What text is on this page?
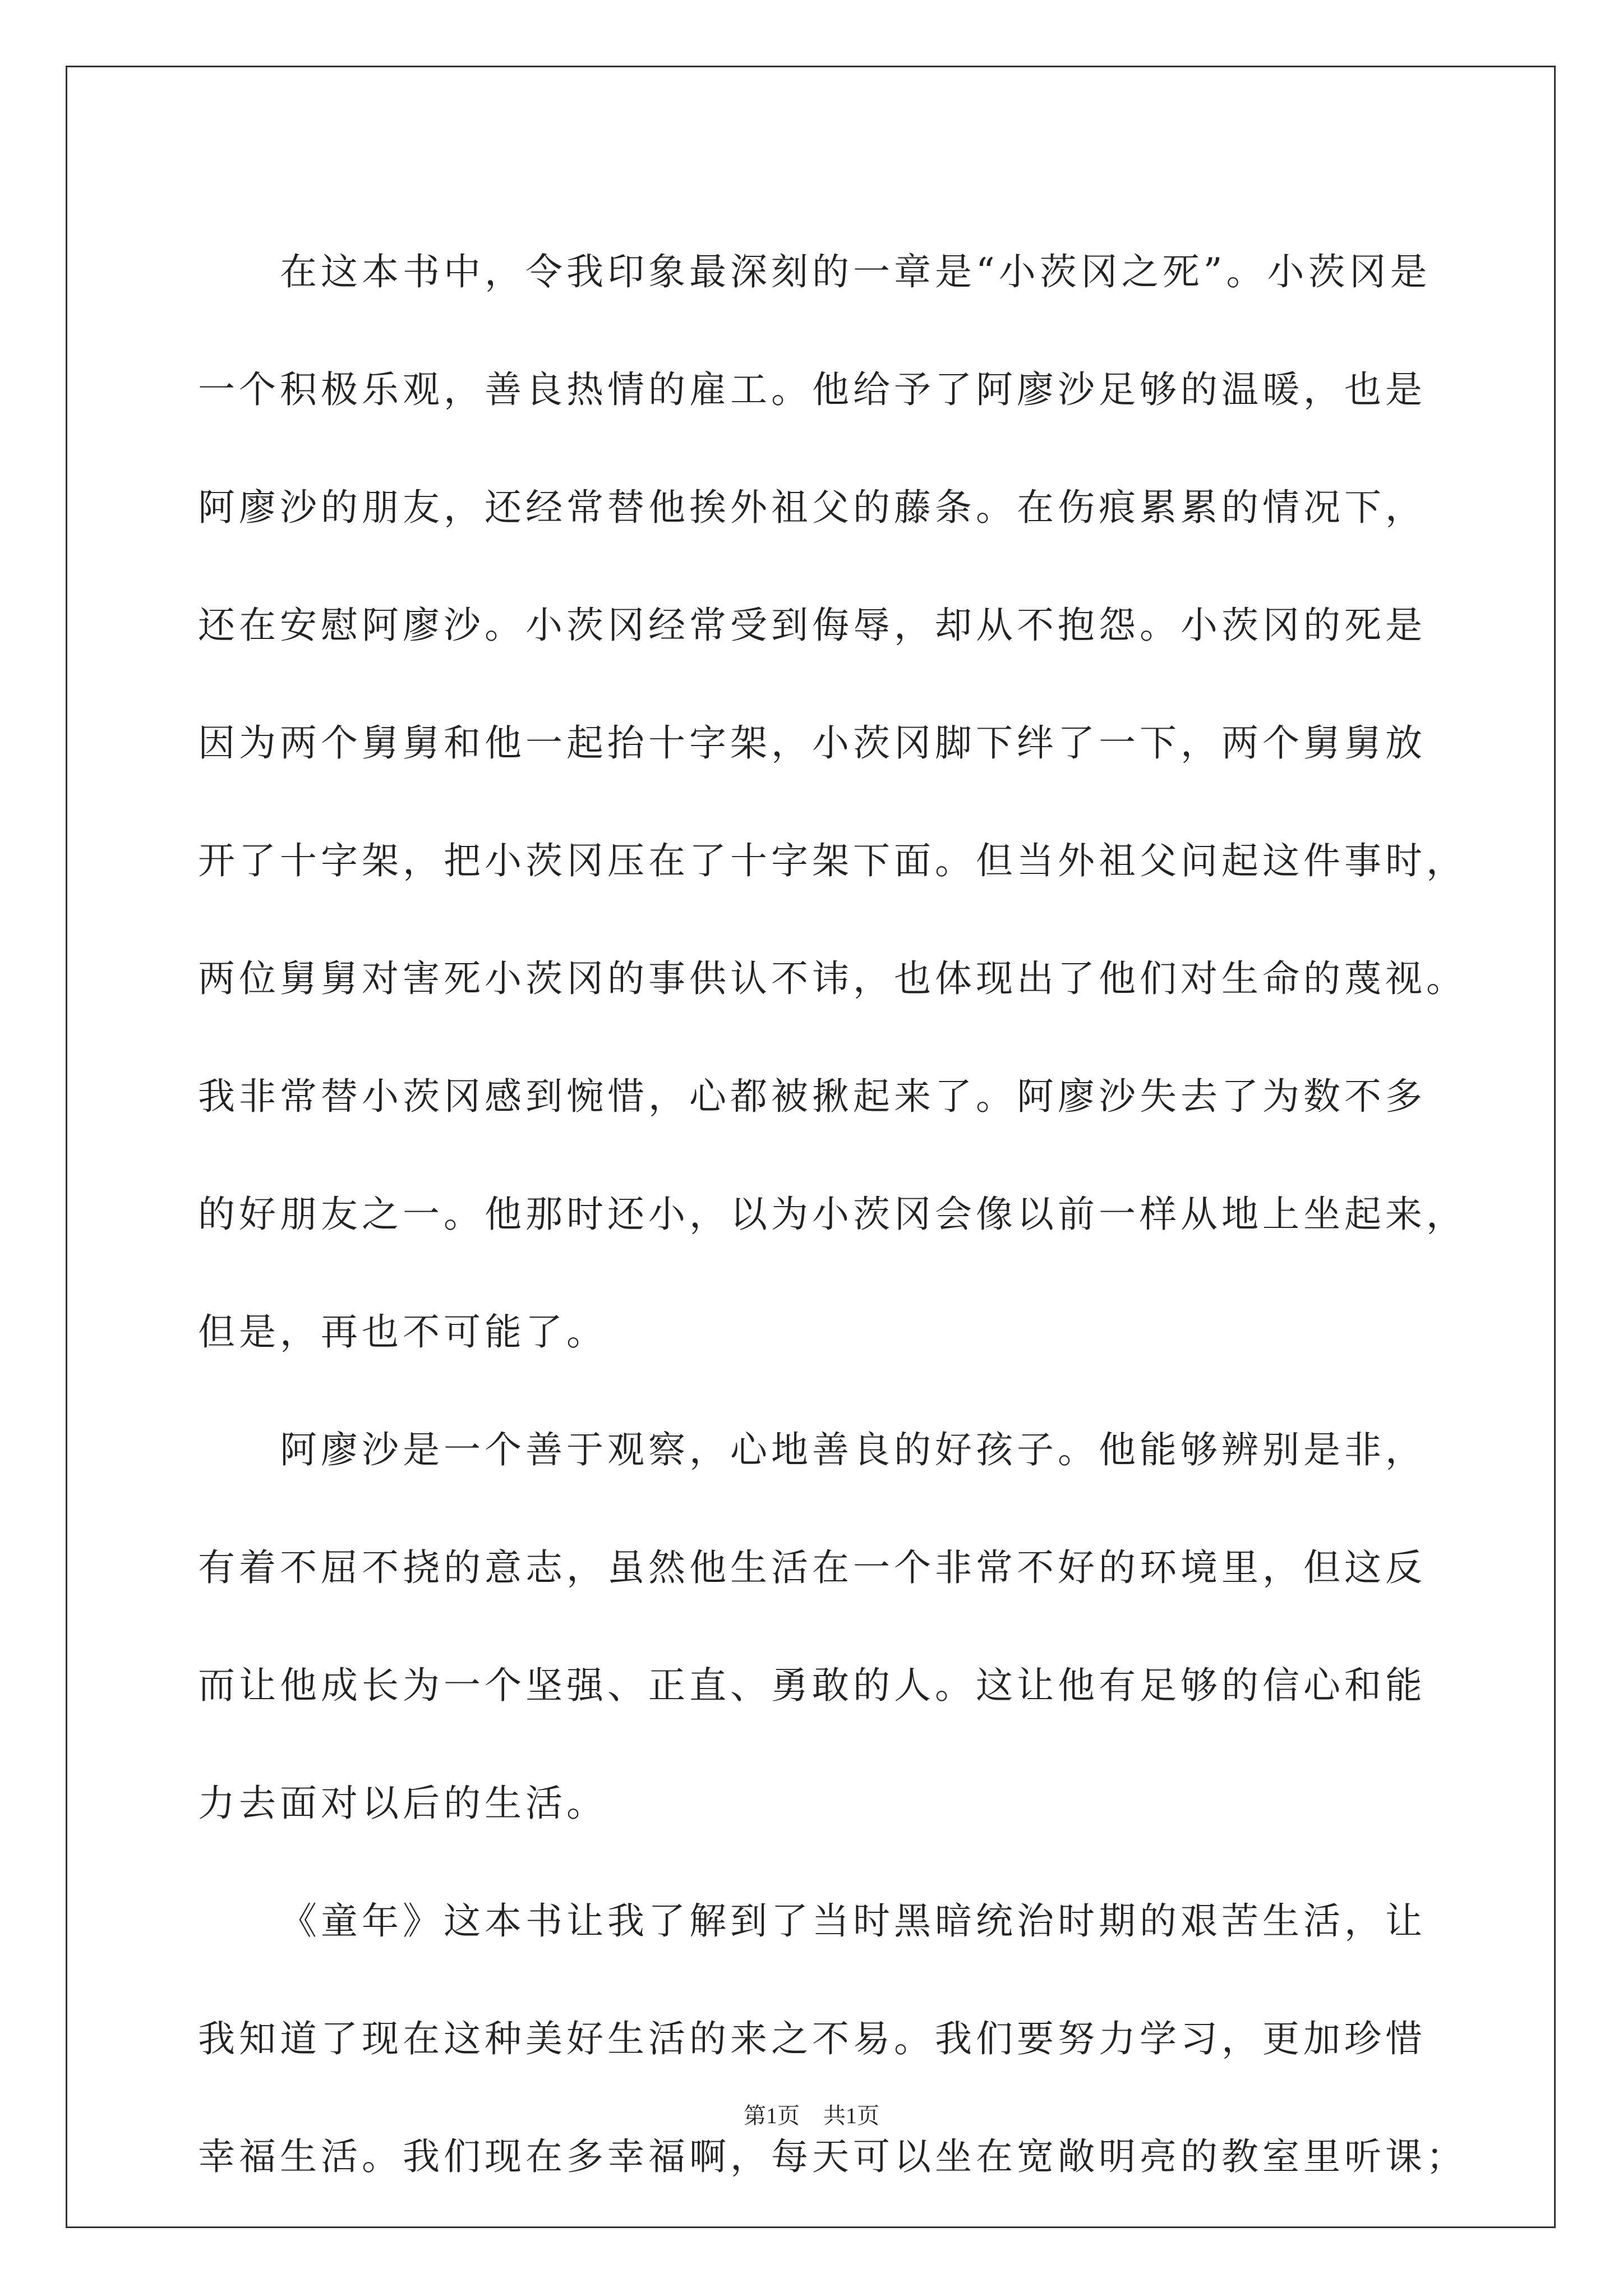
在这本书中，令我印象最深刻的一章是“小茨冈之死”。小茨冈是
一个积极乐观，善良热情的雇工。他给予了阿廖沙足够的温暖，也是
阿廖沙的朋友，还经常替他挨外祖父的藤条。在伤痕累累的情况下，
还在安慰阿廖沙。小茨冈经常受到侮辱，却从不抱怨。小茨冈的死是
因为两个舅舅和他一起抬十字架，小茨冈脚下绊了一下，两个舅舅放
开了十字架，把小茨冈压在了十字架下面。但当外祖父问起这件事时，
两位舅舅对害死小茨冈的事供认不讳，也体现出了他们对生命的蔑视。
我非常替小茨冈感到惋惜，心都被揪起来了。阿廖沙失去了为数不多
的好朋友之一。他那时还小，以为小茨冈会像以前一样从地上坐起来，
但是，再也不可能了。
阿廖沙是一个善于观察，心地善良的好孩子。他能够辨别是非，
有着不屈不挠的意志，虽然他生活在一个非常不好的环境里，但这反
而让他成长为一个坚强、正直、勇敢的人。这让他有足够的信心和能
力去面对以后的生活。
《童年》这本书让我了解到了当时黑暗统治时期的艰苦生活，让
我知道了现在这种美好生活的来之不易。我们要努力学习，更加珍惜
幸福生活。我们现在多幸福啊，每天可以坐在宽敞明亮的教室里听课；
第1页 共1页
